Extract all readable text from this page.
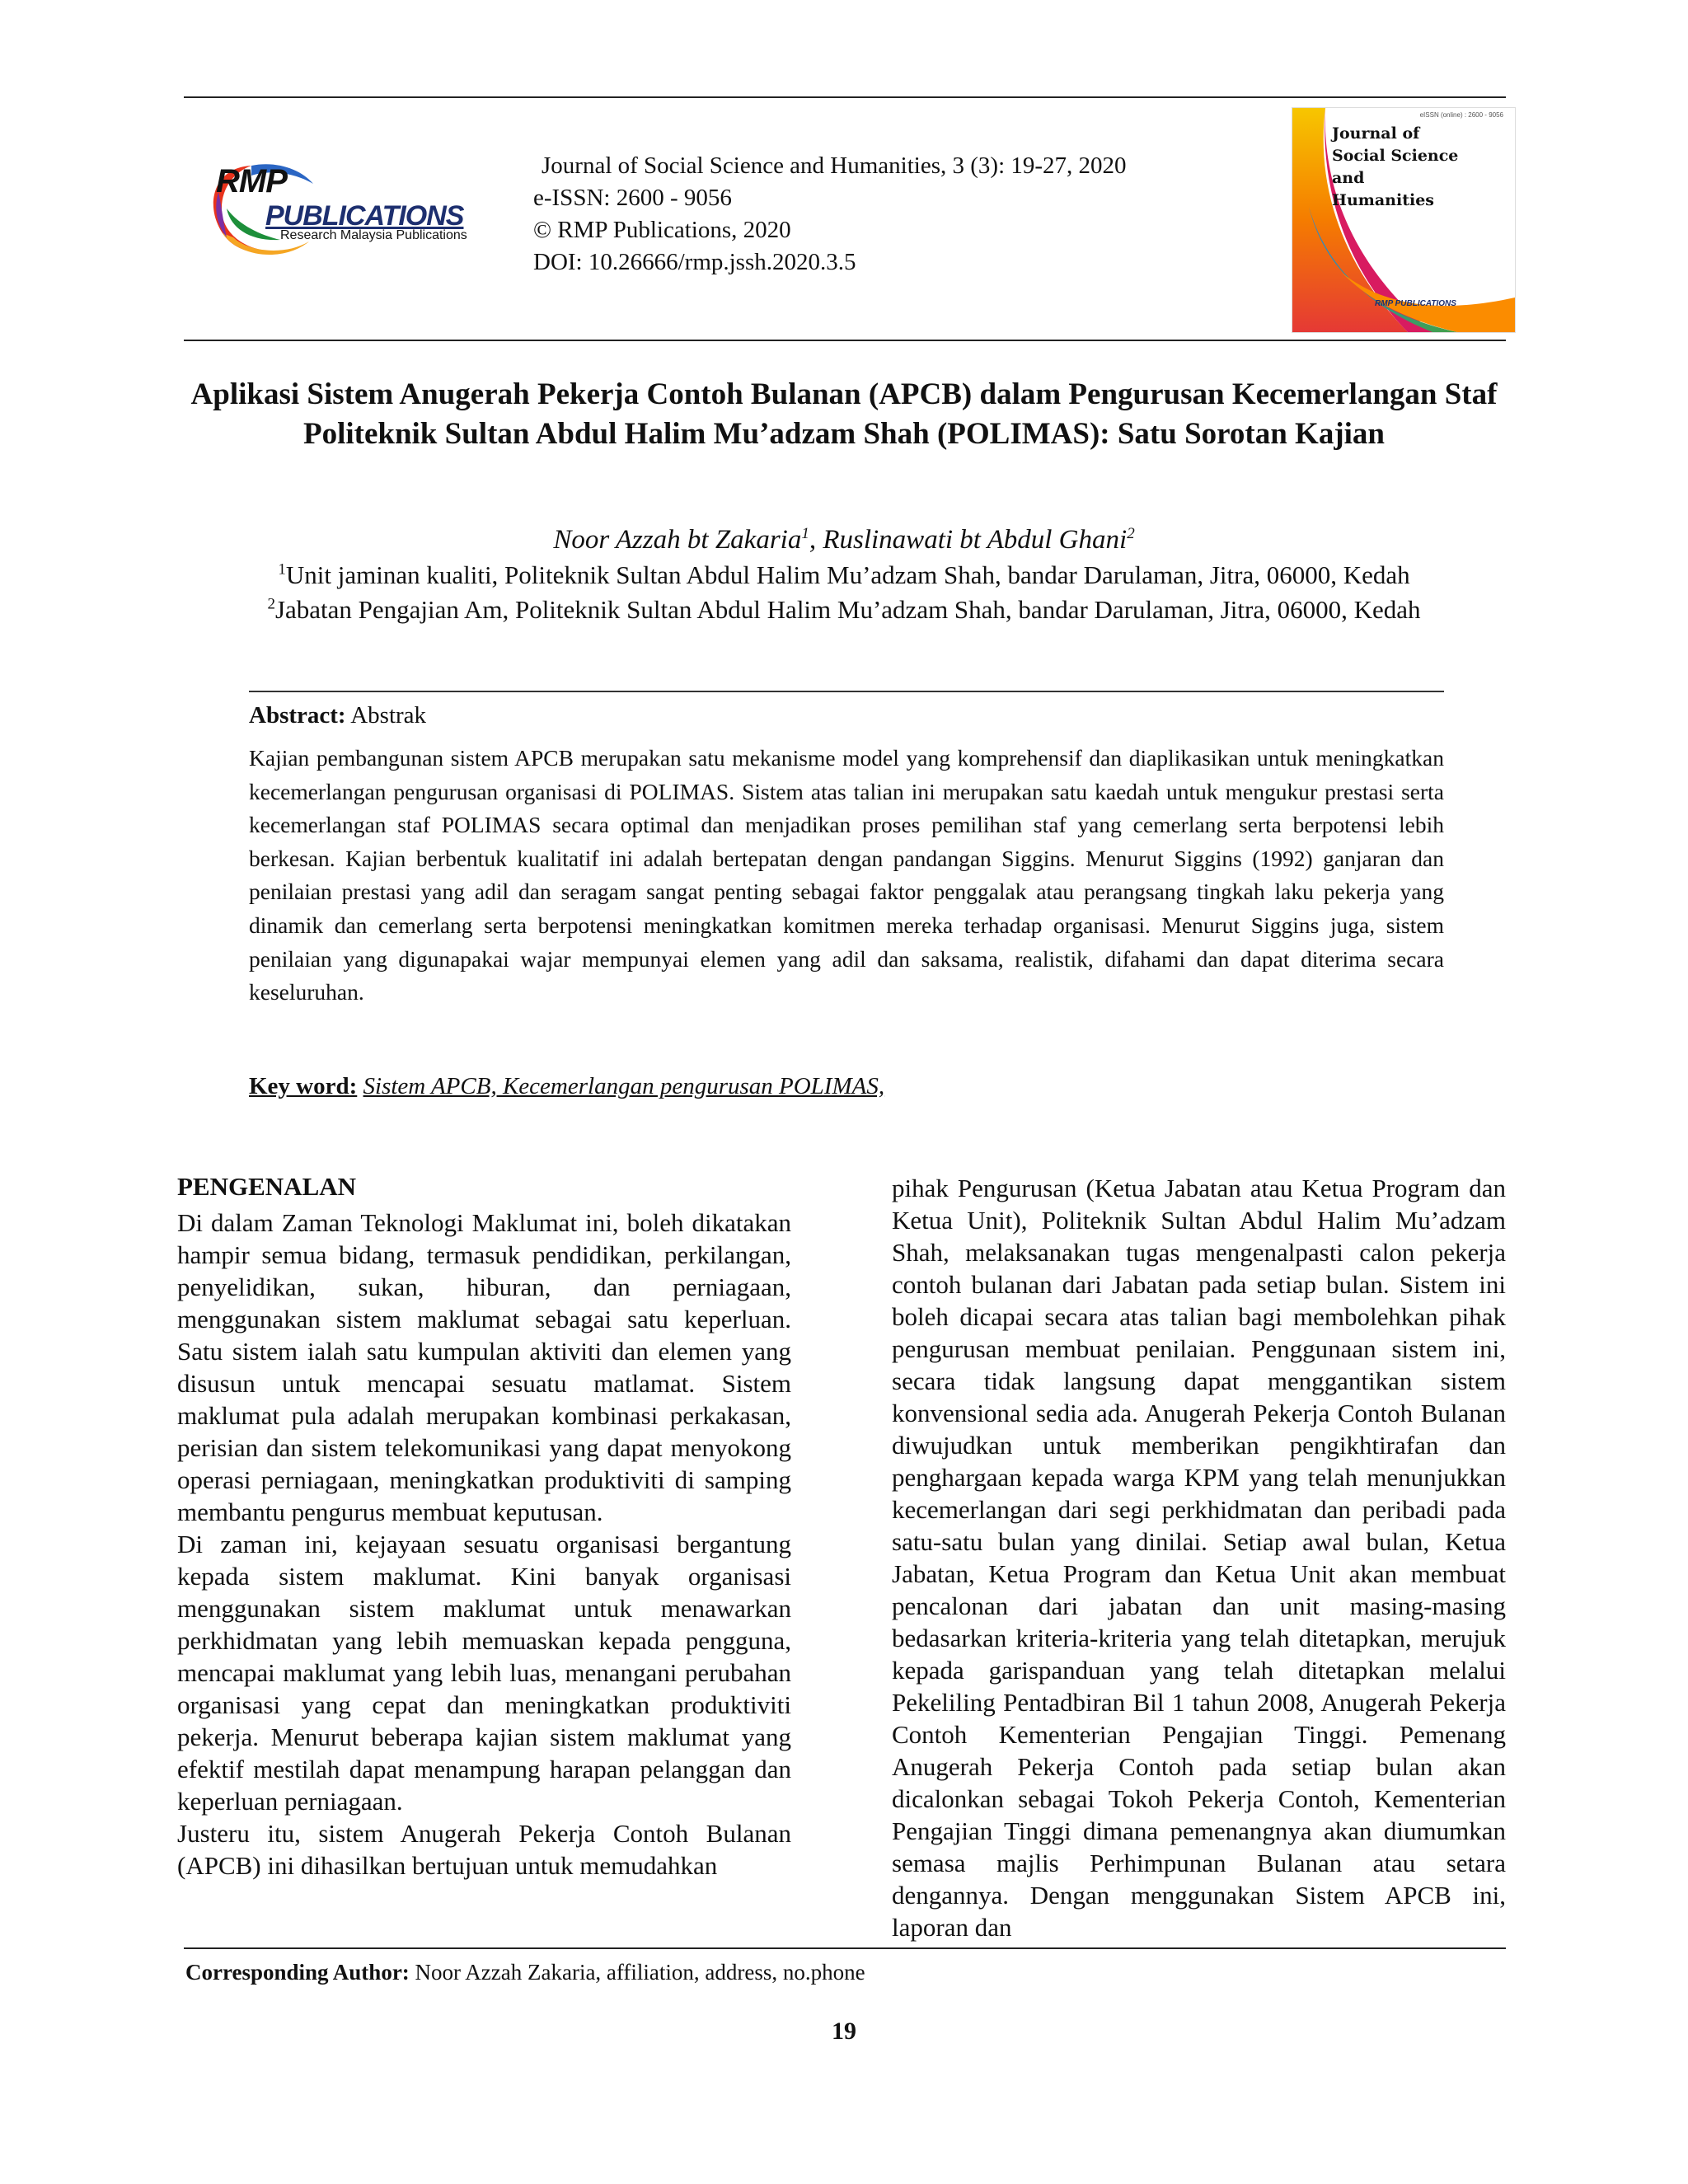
RMP
PUBLICATIONS
Research Malaysia Publications
Journal of Social Science and Humanities, 3 (3): 19-27, 2020
e-ISSN: 2600 - 9056
© RMP Publications, 2020
DOI: 10.26666/rmp.jssh.2020.3.5
eISSN (online) : 2600 - 9056
Journal of
Social Science
and
Humanities
RMP PUBLICATIONS
Aplikasi Sistem Anugerah Pekerja Contoh Bulanan (APCB) dalam Pengurusan Kecemerlangan Staf Politeknik Sultan Abdul Halim Mu’adzam Shah (POLIMAS): Satu Sorotan Kajian
Noor Azzah bt Zakaria$^1$, Ruslinawati bt Abdul Ghani$^2$
$^1$Unit jaminan kualiti, Politeknik Sultan Abdul Halim Mu’adzam Shah, bandar Darulaman, Jitra, 06000, Kedah
$^2$Jabatan Pengajian Am, Politeknik Sultan Abdul Halim Mu’adzam Shah, bandar Darulaman, Jitra, 06000, Kedah
Abstract: Abstrak
Kajian pembangunan sistem APCB merupakan satu mekanisme model yang komprehensif dan diaplikasikan untuk meningkatkan kecemerlangan pengurusan organisasi di POLIMAS. Sistem atas talian ini merupakan satu kaedah untuk mengukur prestasi serta kecemerlangan staf POLIMAS secara optimal dan menjadikan proses pemilihan staf yang cemerlang serta berpotensi lebih berkesan. Kajian berbentuk kualitatif ini adalah bertepatan dengan pandangan Siggins. Menurut Siggins (1992) ganjaran dan penilaian prestasi yang adil dan seragam sangat penting sebagai faktor penggalak atau perangsang tingkah laku pekerja yang dinamik dan cemerlang serta berpotensi meningkatkan komitmen mereka terhadap organisasi. Menurut Siggins juga, sistem penilaian yang digunapakai wajar mempunyai elemen yang adil dan saksama, realistik, difahami dan dapat diterima secara keseluruhan.
Key word: Sistem APCB, Kecemerlangan pengurusan POLIMAS,
PENGENALAN

Di dalam Zaman Teknologi Maklumat ini, boleh dikatakan hampir semua bidang, termasuk pendidikan, perkilangan, penyelidikan, sukan, hiburan, dan perniagaan, menggunakan sistem maklumat sebagai satu keperluan. Satu sistem ialah satu kumpulan aktiviti dan elemen yang disusun untuk mencapai sesuatu matlamat. Sistem maklumat pula adalah merupakan kombinasi perkakasan, perisian dan sistem telekomunikasi yang dapat menyokong operasi perniagaan, meningkatkan produktiviti di samping membantu pengurus membuat keputusan.

Di zaman ini, kejayaan sesuatu organisasi bergantung kepada sistem maklumat. Kini banyak organisasi menggunakan sistem maklumat untuk menawarkan perkhidmatan yang lebih memuaskan kepada pengguna, mencapai maklumat yang lebih luas, menangani perubahan organisasi yang cepat dan meningkatkan produktiviti pekerja. Menurut beberapa kajian sistem maklumat yang efektif mestilah dapat menampung harapan pelanggan dan keperluan perniagaan.

Justeru itu, sistem Anugerah Pekerja Contoh Bulanan (APCB) ini dihasilkan bertujuan untuk memudahkan

pihak Pengurusan (Ketua Jabatan atau Ketua Program dan Ketua Unit), Politeknik Sultan Abdul Halim Mu’adzam Shah, melaksanakan tugas mengenalpasti calon pekerja contoh bulanan dari Jabatan pada setiap bulan. Sistem ini boleh dicapai secara atas talian bagi membolehkan pihak pengurusan membuat penilaian. Penggunaan sistem ini, secara tidak langsung dapat menggantikan sistem konvensional sedia ada. Anugerah Pekerja Contoh Bulanan diwujudkan untuk memberikan pengikhtirafan dan penghargaan kepada warga KPM yang telah menunjukkan kecemerlangan dari segi perkhidmatan dan peribadi pada satu-satu bulan yang dinilai. Setiap awal bulan, Ketua Jabatan, Ketua Program dan Ketua Unit akan membuat pencalonan dari jabatan dan unit masing-masing bedasarkan kriteria-kriteria yang telah ditetapkan, merujuk kepada garispanduan yang telah ditetapkan melalui Pekeliling Pentadbiran Bil 1 tahun 2008, Anugerah Pekerja Contoh Kementerian Pengajian Tinggi. Pemenang Anugerah Pekerja Contoh pada setiap bulan akan dicalonkan sebagai Tokoh Pekerja Contoh, Kementerian Pengajian Tinggi dimana pemenangnya akan diumumkan semasa majlis Perhimpunan Bulanan atau setara dengannya. Dengan menggunakan Sistem APCB ini, laporan dan

Corresponding Author: Noor Azzah Zakaria, affiliation, address, no.phone
19
